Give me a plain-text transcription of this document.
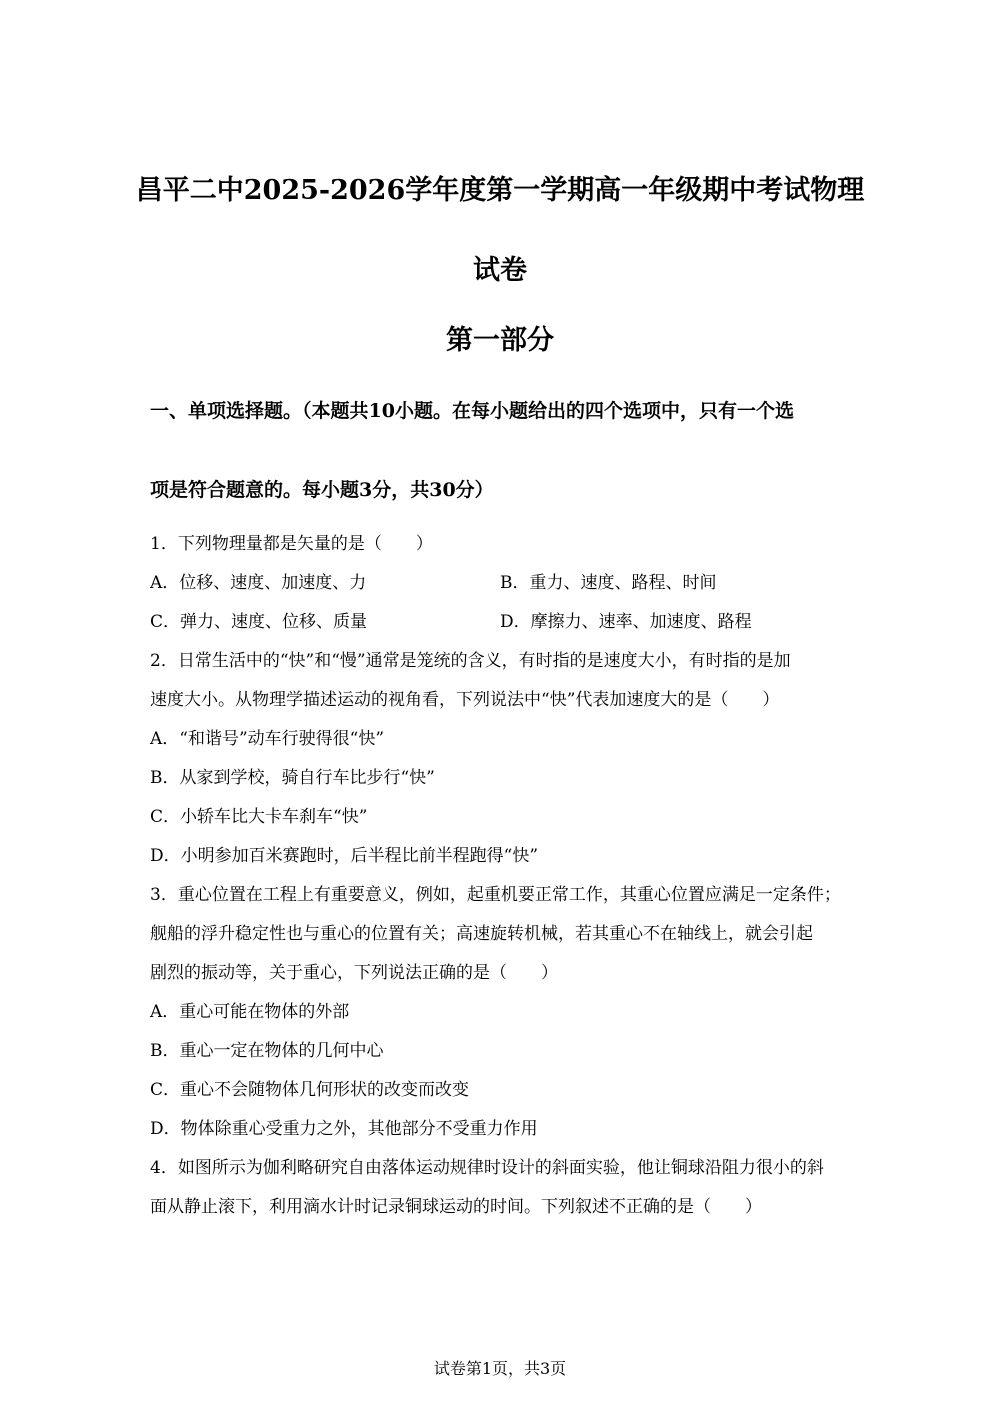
昌平二中2025-2026学年度第一学期高一年级期中考试物理
试卷
第一部分
一、单项选择题。（本题共10小题。在每小题给出的四个选项中，只有一个选
项是符合题意的。每小题3分，共30分）
1．下列物理量都是矢量的是（　　）
A．位移、速度、加速度、力	B．重力、速度、路程、时间
C．弹力、速度、位移、质量	D．摩擦力、速率、加速度、路程
2．日常生活中的“快”和“慢”通常是笼统的含义，有时指的是速度大小，有时指的是加
速度大小。从物理学描述运动的视角看，下列说法中“快”代表加速度大的是（　　）
A．“和谐号”动车行驶得很“快”
B．从家到学校，骑自行车比步行“快”
C．小轿车比大卡车刹车“快”
D．小明参加百米赛跑时，后半程比前半程跑得“快”
3．重心位置在工程上有重要意义，例如，起重机要正常工作，其重心位置应满足一定条件；
舰船的浮升稳定性也与重心的位置有关；高速旋转机械，若其重心不在轴线上，就会引起
剧烈的振动等，关于重心，下列说法正确的是（　　）
A．重心可能在物体的外部
B．重心一定在物体的几何中心
C．重心不会随物体几何形状的改变而改变
D．物体除重心受重力之外，其他部分不受重力作用
4．如图所示为伽利略研究自由落体运动规律时设计的斜面实验，他让铜球沿阻力很小的斜
面从静止滚下，利用滴水计时记录铜球运动的时间。下列叙述不正确的是（　　）
试卷第1页，共3页
